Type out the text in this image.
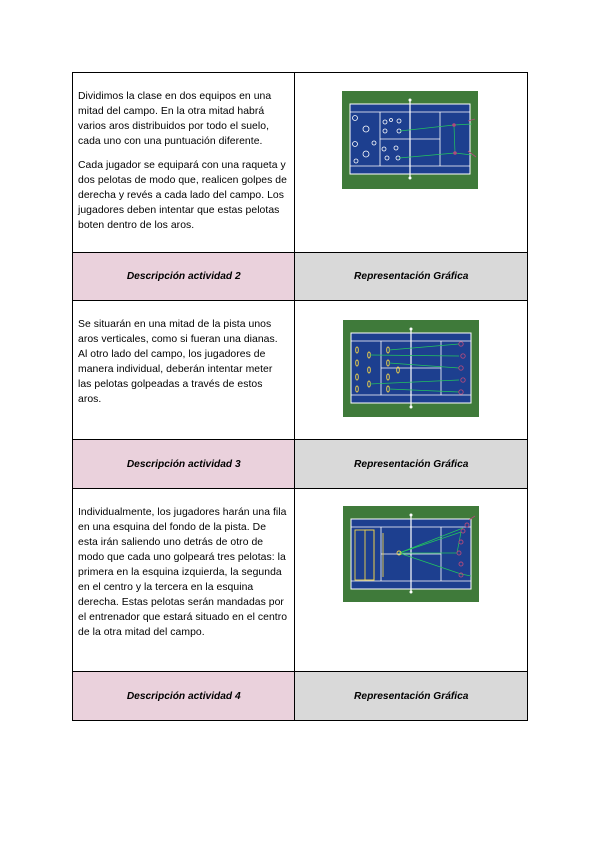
Dividimos la clase en dos equipos en una mitad del campo. En la otra mitad habrá varios aros distribuidos por todo el suelo, cada uno con una puntuación diferente.

Cada jugador se equipará con una raqueta y dos pelotas de modo que, realicen golpes de derecha y revés a cada lado del campo. Los jugadores deben intentar que estas pelotas boten dentro de los aros.

Descripción actividad 2	Representación Gráfica

Se situarán en una mitad de la pista unos aros verticales, como si fueran una dianas. Al otro lado del campo, los jugadores de manera individual, deberán intentar meter las pelotas golpeadas a través de estos aros.

Descripción actividad 3	Representación Gráfica

Individualmente, los jugadores harán una fila en una esquina del fondo de la pista. De esta irán saliendo uno detrás de otro de modo que cada uno golpeará tres pelotas: la primera en la esquina izquierda, la segunda en el centro y la tercera en la esquina derecha. Estas pelotas serán mandadas por el entrenador que estará situado en el centro de la otra mitad del campo.

Descripción actividad 4	Representación Gráfica
